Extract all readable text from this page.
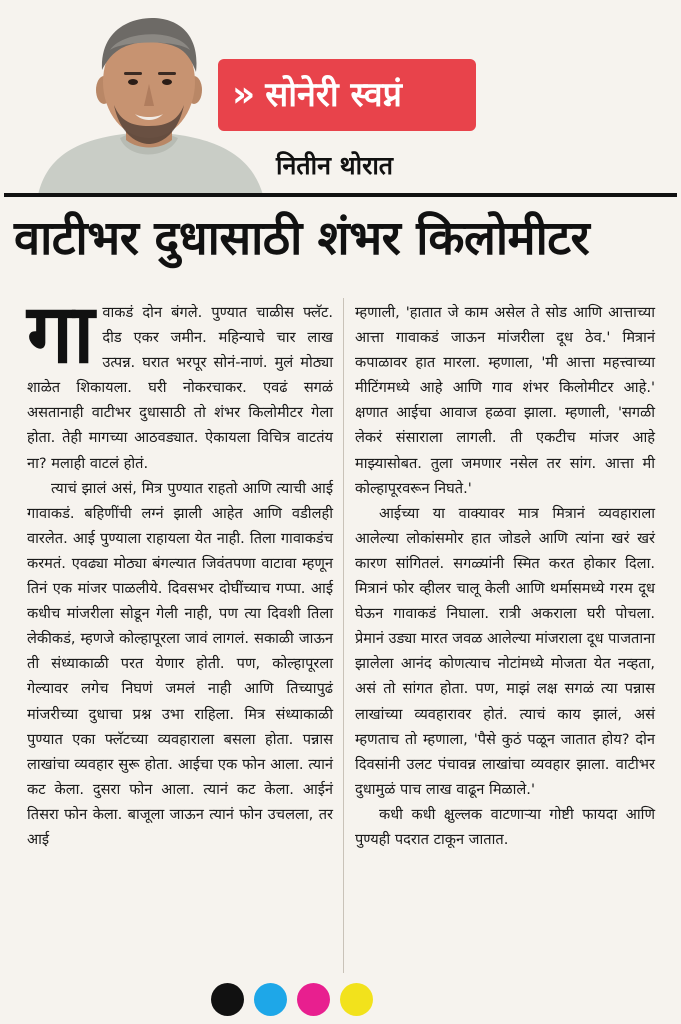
» सोनेरी स्वप्नं
नितीन थोरात
वाटीभर दुधासाठी शंभर किलोमीटर

गावाकडं दोन बंगले. पुण्यात चाळीस फ्लॅट. दीड एकर जमीन. महिन्याचे चार लाख उत्पन्न. घरात भरपूर सोनं-नाणं. मुलं मोठ्या शाळेत शिकायला. घरी नोकरचाकर. एवढं सगळं असतानाही वाटीभर दुधासाठी तो शंभर किलोमीटर गेला होता. तेही मागच्या आठवड्यात. ऐकायला विचित्र वाटतंय ना? मलाही वाटलं होतं.

त्याचं झालं असं, मित्र पुण्यात राहतो आणि त्याची आई गावाकडं. बहिणींची लग्नं झाली आहेत आणि वडीलही वारलेत. आई पुण्याला राहायला येत नाही. तिला गावाकडंच करमतं. एवढ्या मोठ्या बंगल्यात जिवंतपणा वाटावा म्हणून तिनं एक मांजर पाळलीये. दिवसभर दोघींच्याच गप्पा. आई कधीच मांजरीला सोडून गेली नाही, पण त्या दिवशी तिला लेकीकडं, म्हणजे कोल्हापूरला जावं लागलं. सकाळी जाऊन ती संध्याकाळी परत येणार होती. पण, कोल्हापूरला गेल्यावर लगेच निघणं जमलं नाही आणि तिच्यापुढं मांजरीच्या दुधाचा प्रश्न उभा राहिला. मित्र संध्याकाळी पुण्यात एका फ्लॅटच्या व्यवहाराला बसला होता. पन्नास लाखांचा व्यवहार सुरू होता. आईचा एक फोन आला. त्यानं कट केला. दुसरा फोन आला. त्यानं कट केला. आईनं तिसरा फोन केला. बाजूला जाऊन त्यानं फोन उचलला, तर आई

म्हणाली, 'हातात जे काम असेल ते सोड आणि आत्ताच्या आत्ता गावाकडं जाऊन मांजरीला दूध ठेव.' मित्रानं कपाळावर हात मारला. म्हणाला, 'मी आत्ता महत्त्वाच्या मीटिंगमध्ये आहे आणि गाव शंभर किलोमीटर आहे.' क्षणात आईचा आवाज हळवा झाला. म्हणाली, 'सगळी लेकरं संसाराला लागली. ती एकटीच मांजर आहे माझ्यासोबत. तुला जमणार नसेल तर सांग. आत्ता मी कोल्हापूरवरून निघते.'

आईच्या या वाक्यावर मात्र मित्रानं व्यवहाराला आलेल्या लोकांसमोर हात जोडले आणि त्यांना खरं खरं कारण सांगितलं. सगळ्यांनी स्मित करत होकार दिला. मित्रानं फोर व्हीलर चालू केली आणि थर्मासमध्ये गरम दूध घेऊन गावाकडं निघाला. रात्री अकराला घरी पोचला. प्रेमानं उड्या मारत जवळ आलेल्या मांजराला दूध पाजताना झालेला आनंद कोणत्याच नोटांमध्ये मोजता येत नव्हता, असं तो सांगत होता. पण, माझं लक्ष सगळं त्या पन्नास लाखांच्या व्यवहारावर होतं. त्याचं काय झालं, असं म्हणताच तो म्हणाला, 'पैसे कुठं पळून जातात होय? दोन दिवसांनी उलट पंचावन्न लाखांचा व्यवहार झाला. वाटीभर दुधामुळं पाच लाख वाढून मिळाले.'

कधी कधी क्षुल्लक वाटणाऱ्या गोष्टी फायदा आणि पुण्यही पदरात टाकून जातात.
